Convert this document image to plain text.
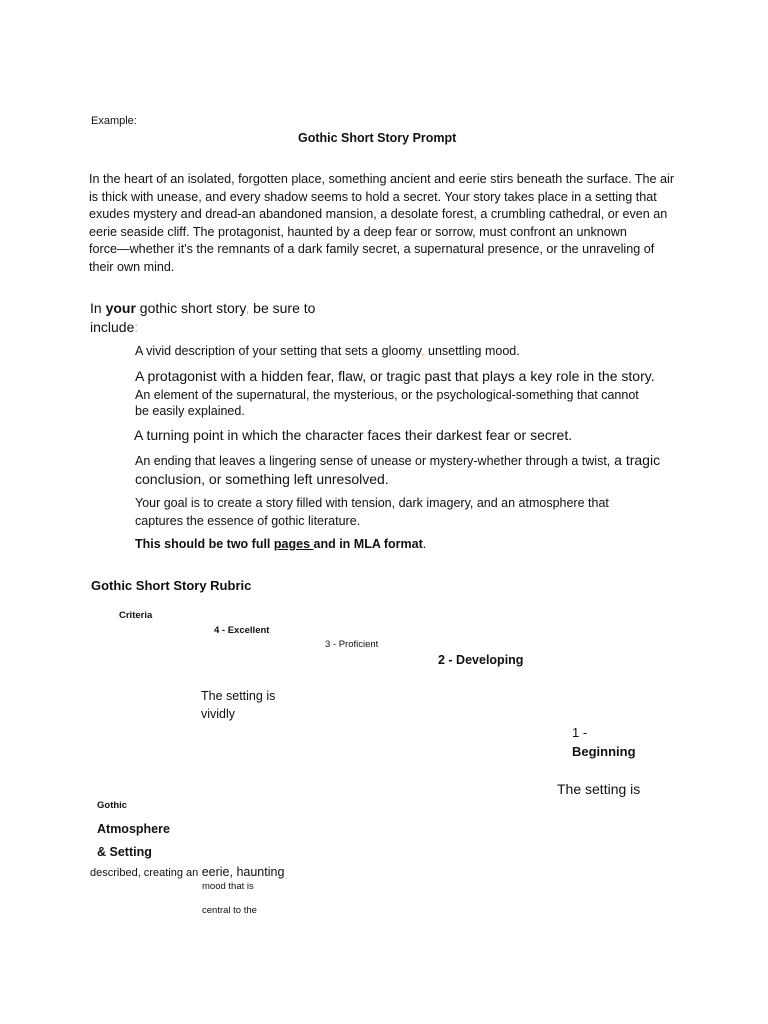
Example:
Gothic Short Story Prompt
In the heart of an isolated, forgotten place, something ancient and eerie stirs beneath the surface. The air
is thick with unease, and every shadow seems to hold a secret. Your story takes place in a setting that
exudes mystery and dread-an abandoned mansion, a desolate forest, a crumbling cathedral, or even an
eerie seaside cliff. The protagonist, haunted by a deep fear or sorrow, must confront an unknown
force—whether it's the remnants of a dark family secret, a supernatural presence, or the unraveling of
their own mind.
In your gothic short story, be sure to
include:
A vivid description of your setting that sets a gloomy, unsettling mood.
A protagonist with a hidden fear, flaw, or tragic past that plays a key role in the story.
An element of the supernatural, the mysterious, or the psychological-something that cannot
be easily explained.
A turning point in which the character faces their darkest fear or secret.
An ending that leaves a lingering sense of unease or mystery-whether through a twist, a tragic
conclusion, or something left unresolved.
Your goal is to create a story filled with tension, dark imagery, and an atmosphere that
captures the essence of gothic literature.
This should be two full pages and in MLA format.
Gothic Short Story Rubric
Criteria
4 - Excellent
3 - Proficient
2 - Developing
The setting is
vividly
1 -
Beginning
The setting is
Gothic
Atmosphere
& Setting
described, creating an eerie, haunting
mood that is
central to the
